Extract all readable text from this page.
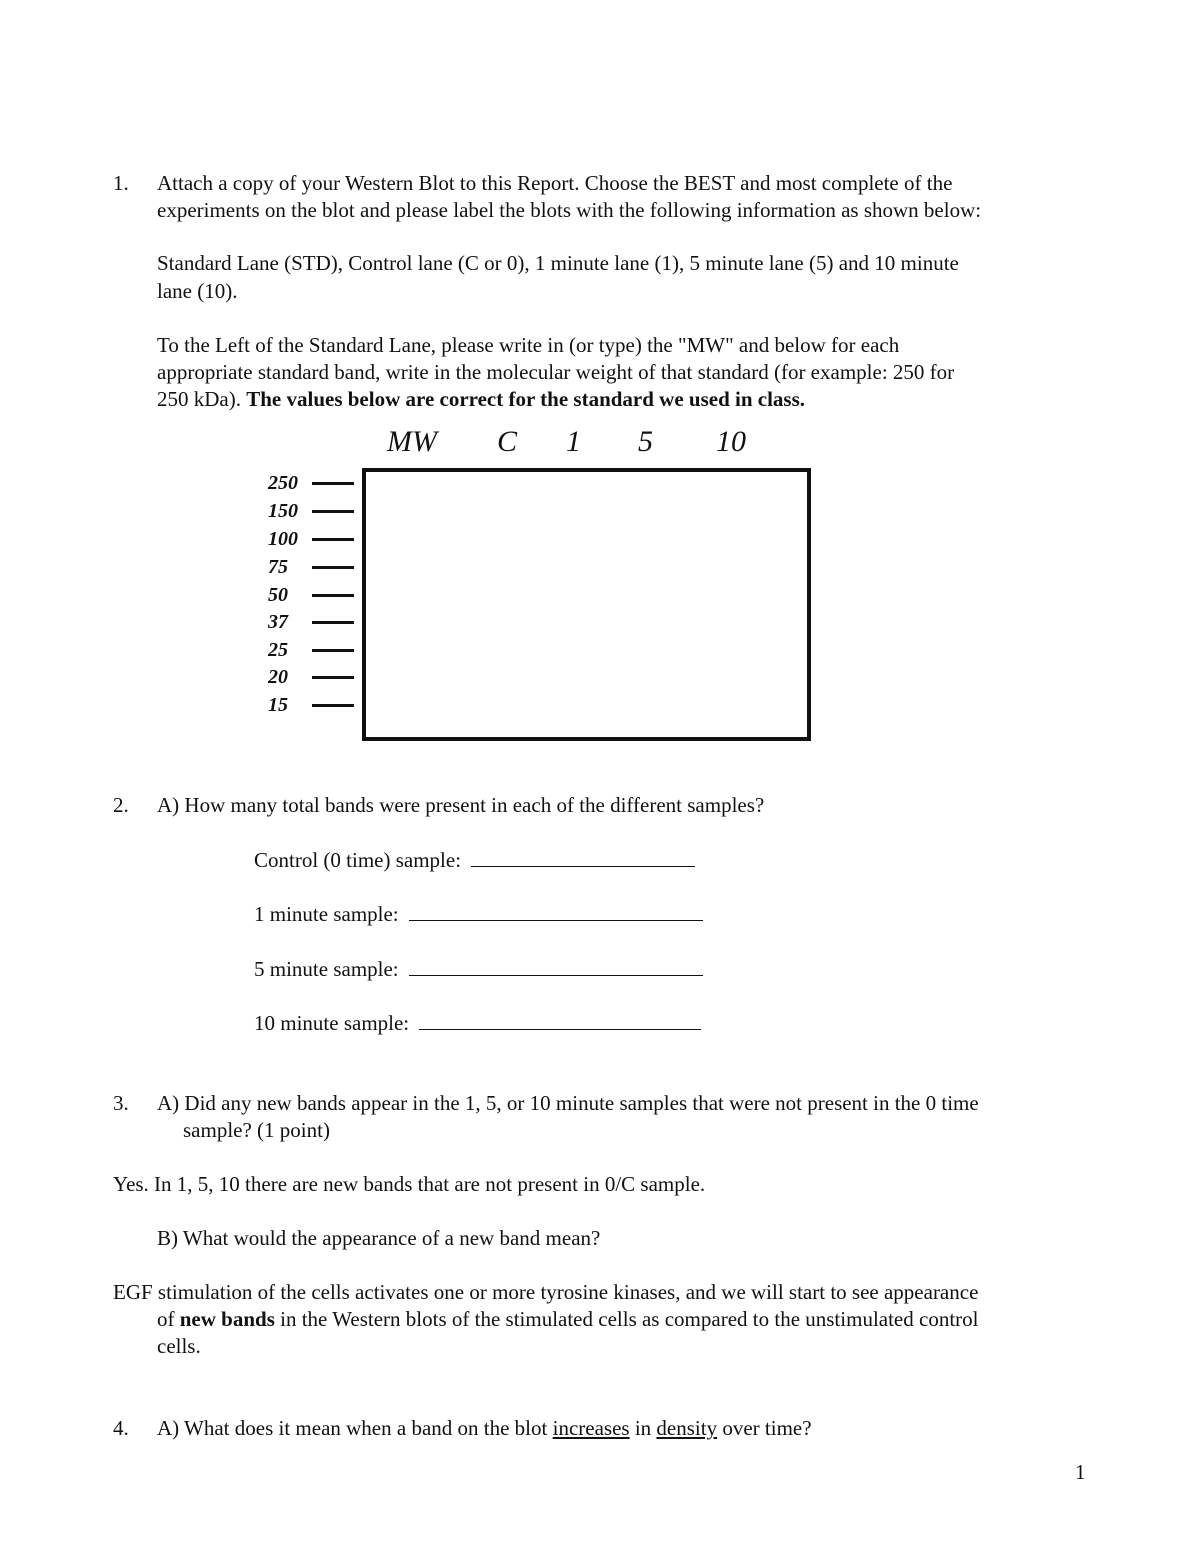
1. Attach a copy of your Western Blot to this Report. Choose the BEST and most complete of the
experiments on the blot and please label the blots with the following information as shown below:
Standard Lane (STD), Control lane (C or 0), 1 minute lane (1), 5 minute lane (5) and 10 minute
lane (10).
To the Left of the Standard Lane, please write in (or type) the "MW" and below for each
appropriate standard band, write in the molecular weight of that standard (for example: 250 for
250 kDa). The values below are correct for the standard we used in class.
MW C 1 5 10
250
150
100
75
50
37
25
20
15
2. A) How many total bands were present in each of the different samples?
Control (0 time) sample:
1 minute sample:
5 minute sample:
10 minute sample:
3. A) Did any new bands appear in the 1, 5, or 10 minute samples that were not present in the 0 time
sample? (1 point)
Yes. In 1, 5, 10 there are new bands that are not present in 0/C sample.
B) What would the appearance of a new band mean?
EGF stimulation of the cells activates one or more tyrosine kinases, and we will start to see appearance
of new bands in the Western blots of the stimulated cells as compared to the unstimulated control
cells.
4. A) What does it mean when a band on the blot increases in density over time?
1
